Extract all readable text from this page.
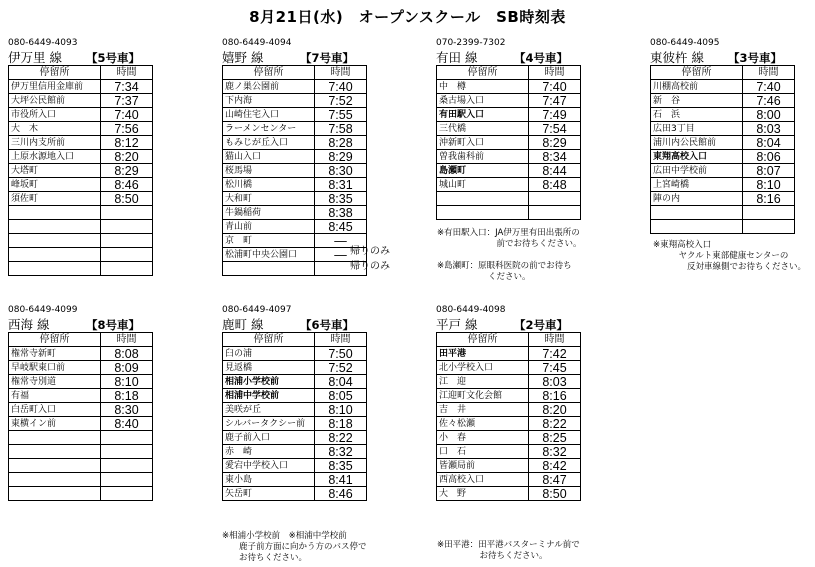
8月21日(水)　オープンスクール　SB時刻表
080-6449-4093
伊万里 線 【5号車】
停留所	時間
伊万里信用金庫前	7:34
大坪公民館前	7:37
市役所入口	7:40
大　木	7:56
三川内支所前	8:12
上原水源地入口	8:20
大塔町	8:29
峰坂町	8:46
須佐町	8:50

080-6449-4094
嬉野 線	【7号車】
帰りのみ
帰りのみ
停留所	時間
鹿ノ巣公園前	7:40
下内海	7:52
山崎住宅入口	7:55
ラーメンセンター	7:58
もみじが丘入口	8:28
猫山入口	8:29
桜馬場	8:30
松川橋	8:31
大和町	8:35
牛鍋稲荷	8:38
青山前	8:45
京　町	—
松浦町中央公園口	—

070-2399-7302
有田 線	【4号車】
停留所	時間
中　樽	7:40
桑古場入口	7:47
有田駅入口	7:49
三代橋	7:54
沖新町入口	8:29
曽我歯科前	8:34
島瀬町	8:44
城山町	8:48

080-6449-4095
東彼杵 線 【3号車】
停留所	時間
川棚高校前	7:40
新　谷	7:46
石　浜	8:00
広田3丁目	8:03
浦川内公民館前	8:04
東翔高校入口	8:06
広田中学校前	8:07
上宮崎橋	8:10
陣の内	8:16

080-6449-4099
西海 線	【8号車】
停留所	時間
権常寺新町	8:08
早岐駅東口前	8:09
権常寺別道	8:10
有福	8:18
白岳町入口	8:30
東横イン前	8:40

080-6449-4097
鹿町 線	【6号車】
停留所	時間
臼の浦	7:50
見返橋	7:52
相浦小学校前	8:04
相浦中学校前	8:05
美咲が丘	8:10
シルバータクシー前	8:18
鹿子前入口	8:22
赤　崎	8:32
愛宕中学校入口	8:35
東小島	8:41
矢岳町	8:46
080-6449-4098
平戸 線	【2号車】
停留所	時間
田平港	7:42
北小学校入口	7:45
江　迎	8:03
江迎町文化会館	8:16
吉　井	8:20
佐々松瀬	8:22
小　春	8:25
口　石	8:32
皆瀬局前	8:42
西高校入口	8:47
大　野	8:50
※有田駅入口：JA伊万里有田出張所の
　　　　　　　前でお待ちください。
※島瀬町：原眼科医院の前でお待ち
　　　　　　ください。
※東翔高校入口
　　　ヤクルト東部健康センターの
　　　　反対車線側でお待ちください。
※相浦小学校前　※相浦中学校前
　　鹿子前方面に向かう方のバス停で
　　お待ちください。
※田平港：田平港バスターミナル前で
　　　　　お待ちください。
